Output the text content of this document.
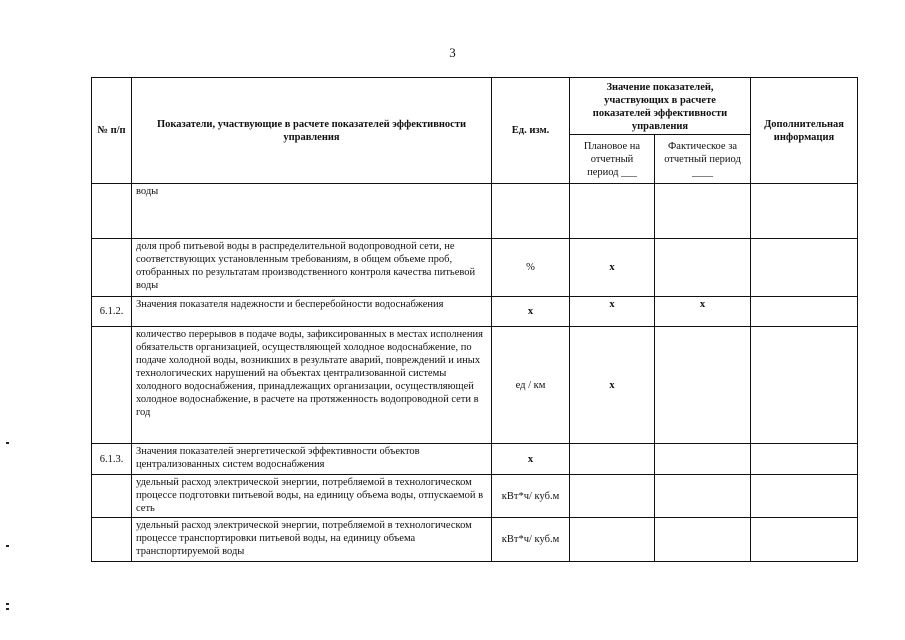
3
№ п/п	Показатели, участвующие в расчете показателей эффективности управления	Ед. изм.	Значение показателей, участвующих в расчете показателей эффективности управления		Дополнительная информация
			Плановое на отчетный период ___	Фактическое за отчетный период ____	
	воды				
	доля проб питьевой воды в распределительной водопроводной сети, не соответствующих установленным требованиям, в общем объеме проб, отобранных по результатам производственного контроля качества питьевой воды	%	x		
6.1.2.	Значения показателя надежности и бесперебойности водоснабжения	x	x	x	
	количество перерывов в подаче воды, зафиксированных в местах исполнения обязательств организацией, осуществляющей холодное водоснабжение, по подаче холодной воды, возникших в результате аварий, повреждений и иных технологических нарушений на объектах централизованной системы холодного водоснабжения, принадлежащих организации, осуществляющей холодное водоснабжение, в расчете на протяженность водопроводной сети в год	ед / км	x		
6.1.3.	Значения показателей энергетической эффективности объектов централизованных систем водоснабжения	x			
	удельный расход электрической энергии, потребляемой в технологическом процессе подготовки питьевой воды, на единицу объема воды, отпускаемой в сеть	кВт*ч/ куб.м			
	удельный расход электрической энергии, потребляемой в технологическом процессе транспортировки питьевой воды, на единицу объема транспортируемой воды	кВт*ч/ куб.м			
